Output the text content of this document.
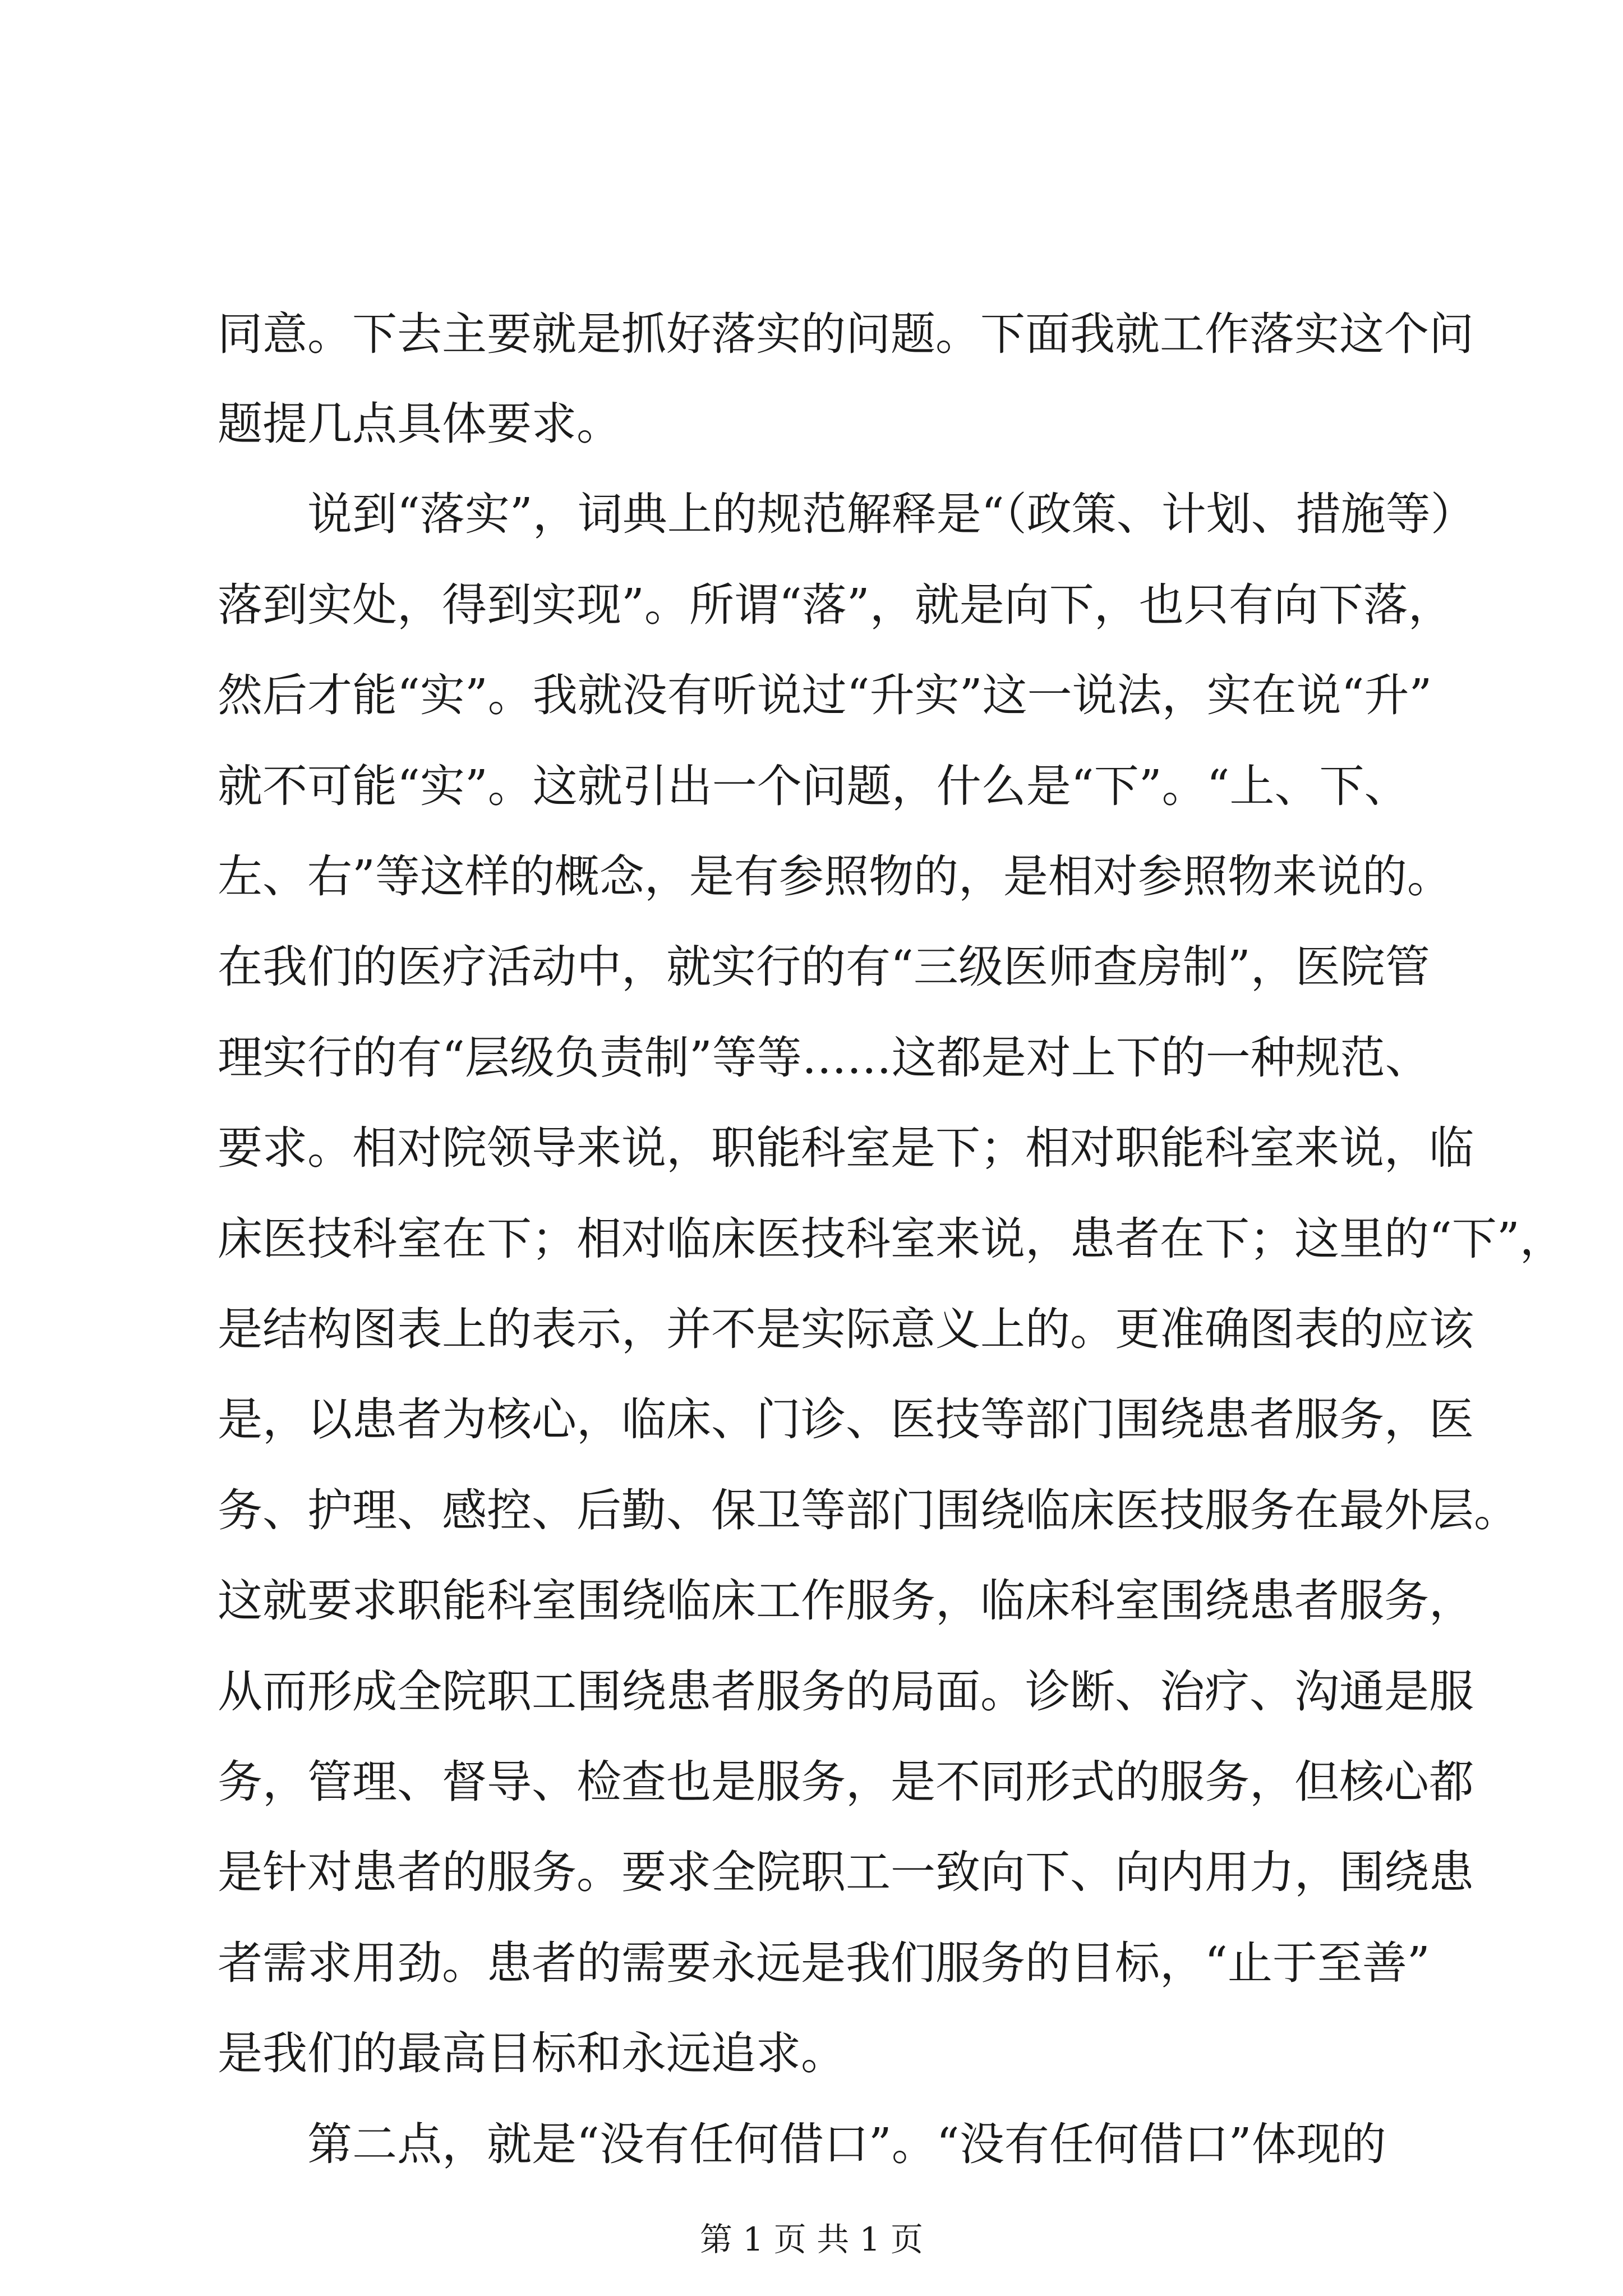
同意。下去主要就是抓好落实的问题。下面我就工作落实这个问
题提几点具体要求。
说到“落实”，词典上的规范解释是“（政策、计划、措施等）
落到实处，得到实现”。所谓“落”，就是向下，也只有向下落，
然后才能“实”。我就没有听说过“升实”这一说法，实在说“升”
就不可能“实”。这就引出一个问题，什么是“下”。“上、下、
左、右”等这样的概念，是有参照物的，是相对参照物来说的。
在我们的医疗活动中，就实行的有“三级医师查房制”，医院管
理实行的有“层级负责制”等等……这都是对上下的一种规范、
要求。相对院领导来说，职能科室是下；相对职能科室来说，临
床医技科室在下；相对临床医技科室来说，患者在下；这里的“下”，
是结构图表上的表示，并不是实际意义上的。更准确图表的应该
是，以患者为核心，临床、门诊、医技等部门围绕患者服务，医
务、护理、感控、后勤、保卫等部门围绕临床医技服务在最外层。
这就要求职能科室围绕临床工作服务，临床科室围绕患者服务，
从而形成全院职工围绕患者服务的局面。诊断、治疗、沟通是服
务，管理、督导、检查也是服务，是不同形式的服务，但核心都
是针对患者的服务。要求全院职工一致向下、向内用力，围绕患
者需求用劲。患者的需要永远是我们服务的目标，“止于至善”
是我们的最高目标和永远追求。
第二点，就是“没有任何借口”。“没有任何借口”体现的
第 1 页 共 1 页
